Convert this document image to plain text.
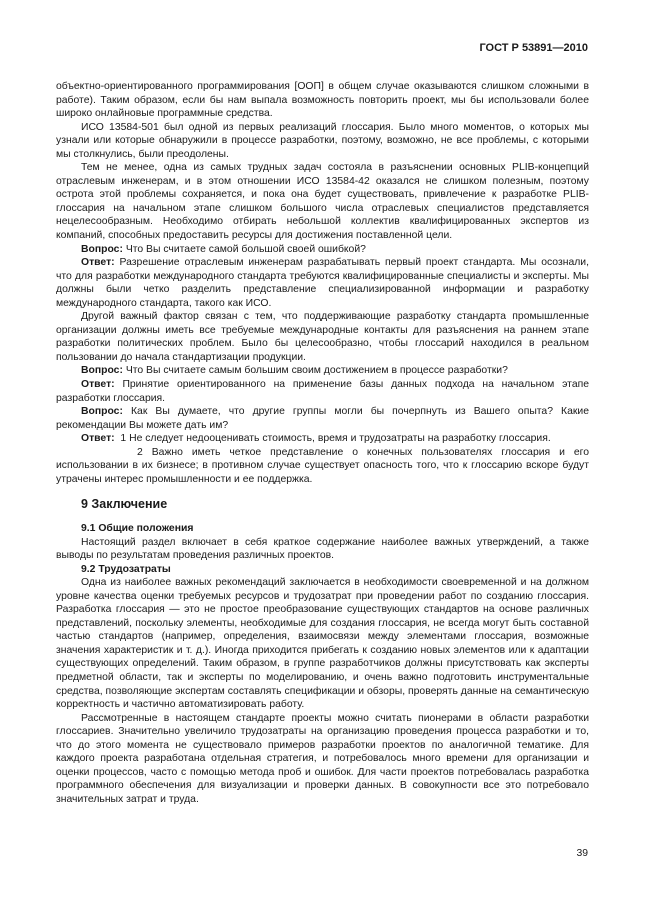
ГОСТ Р 53891—2010

объектно-ориентированного программирования [ООП] в общем случае оказываются слишком сложными в работе). Таким образом, если бы нам выпала возможность повторить проект, мы бы использовали более широко онлайновые программные средства.

ИСО 13584-501 был одной из первых реализаций глоссария. Было много моментов, о которых мы узнали или которые обнаружили в процессе разработки, поэтому, возможно, не все проблемы, с которыми мы столкнулись, были преодолены.

Тем не менее, одна из самых трудных задач состояла в разъяснении основных PLIB-концепций отраслевым инженерам, и в этом отношении ИСО 13584-42 оказался не слишком полезным, поэтому острота этой проблемы сохраняется, и пока она будет существовать, привлечение к разработке PLIB-глоссария на начальном этапе слишком большого числа отраслевых специалистов представляется нецелесообразным. Необходимо отбирать небольшой коллектив квалифицированных экспертов из компаний, способных предоставить ресурсы для достижения поставленной цели.

Вопрос: Что Вы считаете самой большой своей ошибкой?

Ответ: Разрешение отраслевым инженерам разрабатывать первый проект стандарта. Мы осознали, что для разработки международного стандарта требуются квалифицированные специалисты и эксперты. Мы должны были четко разделить представление специализированной информации и разработку международного стандарта, такого как ИСО.

Другой важный фактор связан с тем, что поддерживающие разработку стандарта промышленные организации должны иметь все требуемые международные контакты для разъяснения на раннем этапе разработки политических проблем. Было бы целесообразно, чтобы глоссарий находился в реальном пользовании до начала стандартизации продукции.

Вопрос: Что Вы считаете самым большим своим достижением в процессе разработки?

Ответ: Принятие ориентированного на применение базы данных подхода на начальном этапе разработки глоссария.

Вопрос: Как Вы думаете, что другие группы могли бы почерпнуть из Вашего опыта? Какие рекомендации Вы можете дать им?

Ответ: 1 Не следует недооценивать стоимость, время и трудозатраты на разработку глоссария.

2 Важно иметь четкое представление о конечных пользователях глоссария и его использовании в их бизнесе; в противном случае существует опасность того, что к глоссарию вскоре будут утрачены интерес промышленности и ее поддержка.

9 Заключение
9.1 Общие положения

Настоящий раздел включает в себя краткое содержание наиболее важных утверждений, а также выводы по результатам проведения различных проектов.

9.2 Трудозатраты

Одна из наиболее важных рекомендаций заключается в необходимости своевременной и на должном уровне качества оценки требуемых ресурсов и трудозатрат при проведении работ по созданию глоссария. Разработка глоссария — это не простое преобразование существующих стандартов на основе различных представлений, поскольку элементы, необходимые для создания глоссария, не всегда могут быть составной частью стандартов (например, определения, взаимосвязи между элементами глоссария, возможные значения характеристик и т. д.). Иногда приходится прибегать к созданию новых элементов или к адаптации существующих определений. Таким образом, в группе разработчиков должны присутствовать как эксперты предметной области, так и эксперты по моделированию, и очень важно подготовить инструментальные средства, позволяющие экспертам составлять спецификации и обзоры, проверять данные на семантическую корректность и частично автоматизировать работу.

Рассмотренные в настоящем стандарте проекты можно считать пионерами в области разработки глоссариев. Значительно увеличило трудозатраты на организацию проведения процесса разработки и то, что до этого момента не существовало примеров разработки проектов по аналогичной тематике. Для каждого проекта разработана отдельная стратегия, и потребовалось много времени для организации и оценки процессов, часто с помощью метода проб и ошибок. Для части проектов потребовалась разработка программного обеспечения для визуализации и проверки данных. В совокупности все это потребовало значительных затрат и труда.

39
